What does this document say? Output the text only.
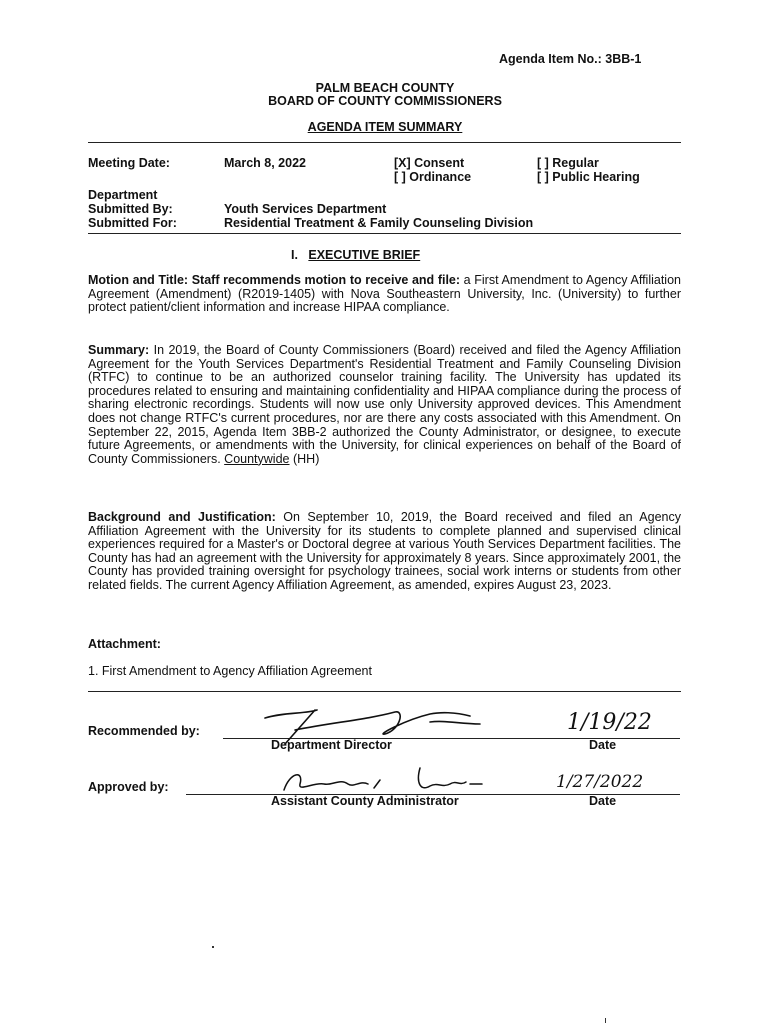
Agenda Item No.: 3BB-1
PALM BEACH COUNTY
BOARD OF COUNTY COMMISSIONERS
AGENDA ITEM SUMMARY
Meeting Date:	March 8, 2022	[X] Consent
[ ] Ordinance
[ ] Regular
[ ] Public Hearing
Department
Submitted By:
Submitted For:
Youth Services Department
Residential Treatment & Family Counseling Division
I. EXECUTIVE BRIEF
Motion and Title: Staff recommends motion to receive and file: a First Amendment to Agency Affiliation Agreement (Amendment) (R2019-1405) with Nova Southeastern University, Inc. (University) to further protect patient/client information and increase HIPAA compliance.
Summary: In 2019, the Board of County Commissioners (Board) received and filed the Agency Affiliation Agreement for the Youth Services Department's Residential Treatment and Family Counseling Division (RTFC) to continue to be an authorized counselor training facility. The University has updated its procedures related to ensuring and maintaining confidentiality and HIPAA compliance during the process of sharing electronic recordings. Students will now use only University approved devices. This Amendment does not change RTFC's current procedures, nor are there any costs associated with this Amendment. On September 22, 2015, Agenda Item 3BB-2 authorized the County Administrator, or designee, to execute future Agreements, or amendments with the University, for clinical experiences on behalf of the Board of County Commissioners. Countywide (HH)
Background and Justification: On September 10, 2019, the Board received and filed an Agency Affiliation Agreement with the University for its students to complete planned and supervised clinical experiences required for a Master's or Doctoral degree at various Youth Services Department facilities. The County has had an agreement with the University for approximately 8 years. Since approximately 2001, the County has provided training oversight for psychology trainees, social work interns or students from other related fields. The current Agency Affiliation Agreement, as amended, expires August 23, 2023.
Attachment:
1. First Amendment to Agency Affiliation Agreement
Recommended by:
Department Director
1/19/22
Date
Approved by:
Assistant County Administrator
1/27/2022
Date
